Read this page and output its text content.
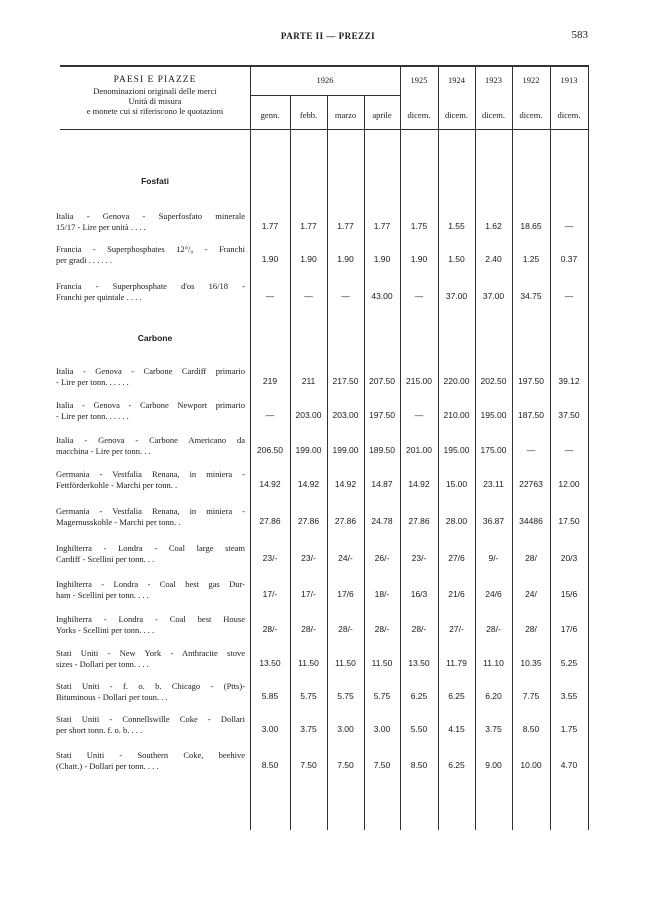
PARTE II — PREZZI	583
PAESI E PIAZZE
Denominazioni originali delle merci
Unità di misura
e monete cui si riferiscono le quotazioni
1926	1925	1924	1923	1922	1913
genn.	febb.	marzo	aprile	dicem.	dicem.	dicem.	dicem.	dicem.
Fosfati
Italia - Genova - Superfosfato minerale
15/17 - Lire per unità . . . .	1.77	1.77	1.77	1.77	1.75	1.55	1.62	18.65	—
Francia - Superphosphates 12°/₀ - Franchi
per gradi . . . . . .	1.90	1.90	1.90	1.90	1.90	1.50	2.40	1.25	0.37
Francia - Superphosphate d'os 16/18 -
Franchi per quintale . . . .	—	—	—	43.00	—	37.00	37.00	34.75	—
Carbone
Italia - Genova - Carbone Cardiff primario
- Lire per tonn. . . . . .	219	211	217.50	207.50	215.00	220.00	202.50	197.50	39.12
Italia - Genova - Carbone Newport primario
- Lire per tonn. . . . . .	—	203.00	203.00	197.50	—	210.00	195.00	187.50	37.50
Italia - Genova - Carbone Americano da
macchina - Lire per tonn. . .	206.50	199.00	199.00	189.50	201.00	195.00	175.00	—	—
Germania - Vestfalia Renana, in miniera -
Fettförderkohle - Marchi per tonn. .	14.92	14.92	14.92	14.87	14.92	15.00	23.11	22763	12.00
Germania - Vestfalia Renana, in miniera -
Magernusskohle - Marchi per tonn. .	27.86	27.86	27.86	24.78	27.86	28.00	36.87	34486	17.50
Inghilterra - Londra - Coal large steam
Cardiff - Scellini per tonn. . .	23/-	23/-	24/-	26/-	23/-	27/6	9/-	28/	20/3
Inghilterra - Londra - Coal best gas Dur-
ham - Scellini per tonn. . . .	17/-	17/-	17/6	18/-	16/3	21/6	24/6	24/	15/6
Inghilterra - Londra - Coal best House
Yorks - Scellini per tonn. . . .	28/-	28/-	28/-	28/-	28/-	27/-	28/-	28/	17/6
Stati Uniti - New York - Anthracite stove
sizes - Dollari per tonn. . . .	13.50	11.50	11.50	11.50	13.50	11.79	11.10	10.35	5.25
Stati Uniti - f. o. b. Chicago - (Ptts)-
Bituminous - Dollari per toun. . .	5.85	5.75	5.75	5.75	6.25	6.25	6.20	7.75	3.55
Stati Uniti - Connellswille Coke - Dollari
per short tonn. f. o. b. . . .	3.00	3.75	3.00	3.00	5.50	4.15	3.75	8.50	1.75
Stati Uniti - Southern Coke, beehive
(Chatt.) - Dollari per tonn. . . .	8.50	7.50	7.50	7.50	8.50	6.25	9.00	10.00	4.70
